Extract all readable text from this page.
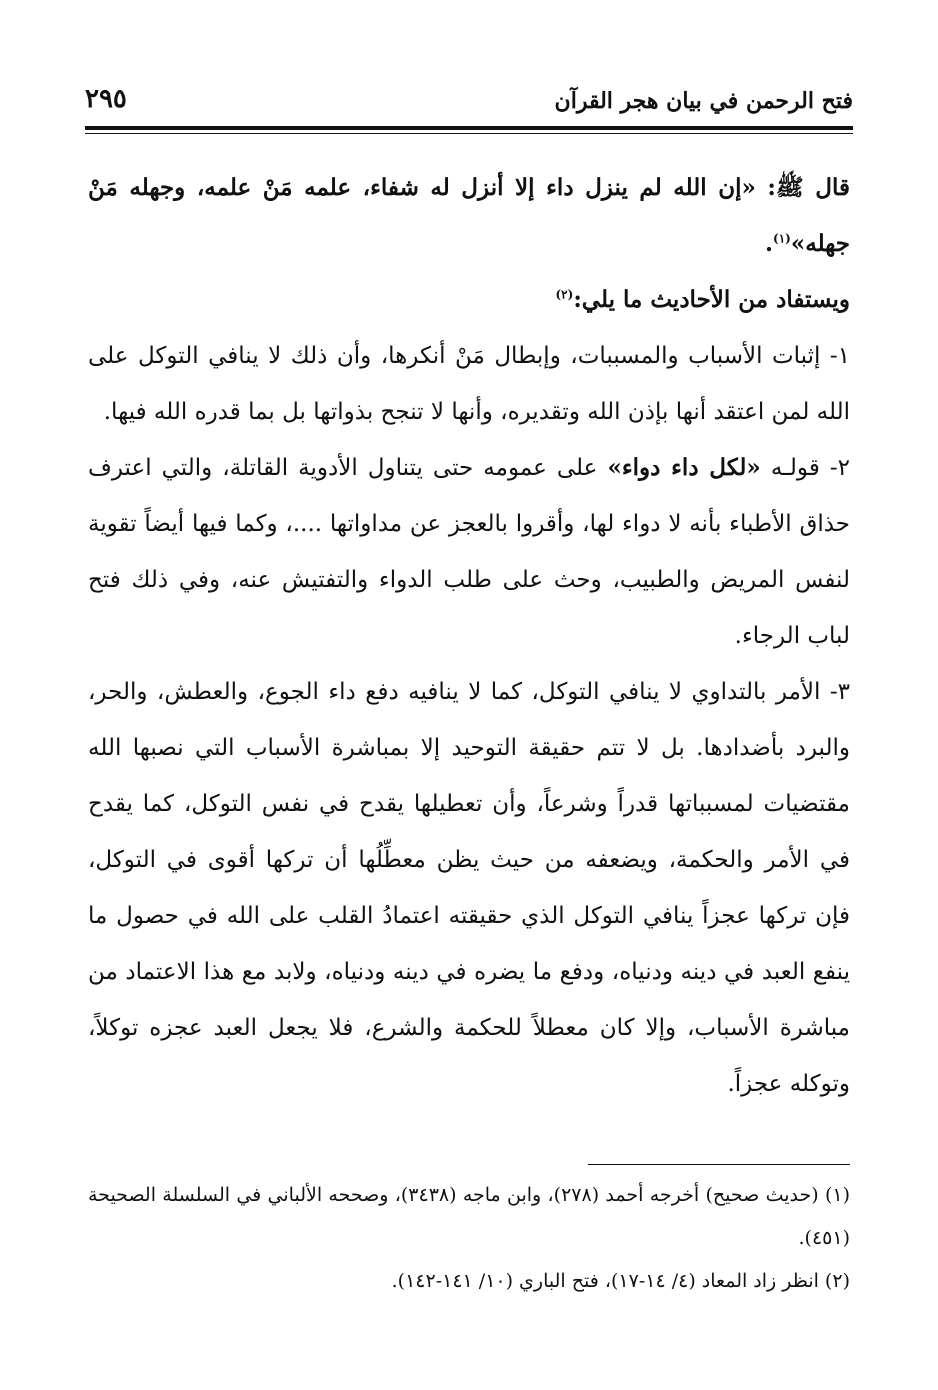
فتح الرحمن في بيان هجر القرآن
٢٩٥

قال ﷺ: «إن الله لم ينزل داء إلا أنزل له شفاء، علمه مَنْ علمه، وجهله مَنْ جهله»$^{(١)}$.

ويستفاد من الأحاديث ما يلي:$^{(٢)}$

١- إثبات الأسباب والمسببات، وإبطال مَنْ أنكرها، وأن ذلك لا ينافي التوكل على الله لمن اعتقد أنها بإذن الله وتقديره، وأنها لا تنجح بذواتها بل بما قدره الله فيها.

٢- قولـه «لكل داء دواء» على عمومه حتى يتناول الأدوية القاتلة، والتي اعترف حذاق الأطباء بأنه لا دواء لها، وأقروا بالعجز عن مداواتها ....، وكما فيها أيضاً تقوية لنفس المريض والطبيب، وحث على طلب الدواء والتفتيش عنه، وفي ذلك فتح لباب الرجاء.

٣- الأمر بالتداوي لا ينافي التوكل، كما لا ينافيه دفع داء الجوع، والعطش، والحر، والبرد بأضدادها. بل لا تتم حقيقة التوحيد إلا بمباشرة الأسباب التي نصبها الله مقتضيات لمسبباتها قدراً وشرعاً، وأن تعطيلها يقدح في نفس التوكل، كما يقدح في الأمر والحكمة، ويضعفه من حيث يظن معطِّلُها أن تركها أقوى في التوكل، فإن تركها عجزاً ينافي التوكل الذي حقيقته اعتمادُ القلب على الله في حصول ما ينفع العبد في دينه ودنياه، ودفع ما يضره في دينه ودنياه، ولابد مع هذا الاعتماد من مباشرة الأسباب، وإلا كان معطلاً للحكمة والشرع، فلا يجعل العبد عجزه توكلاً، وتوكله عجزاً.

(١) (حديث صحيح) أخرجه أحمد (٢٧٨)، وابن ماجه (٣٤٣٨)، وصححه الألباني في السلسلة الصحيحة (٤٥١).

(٢) انظر زاد المعاد (٤/ ١٤-١٧)، فتح الباري (١٠/ ١٤١-١٤٢).
